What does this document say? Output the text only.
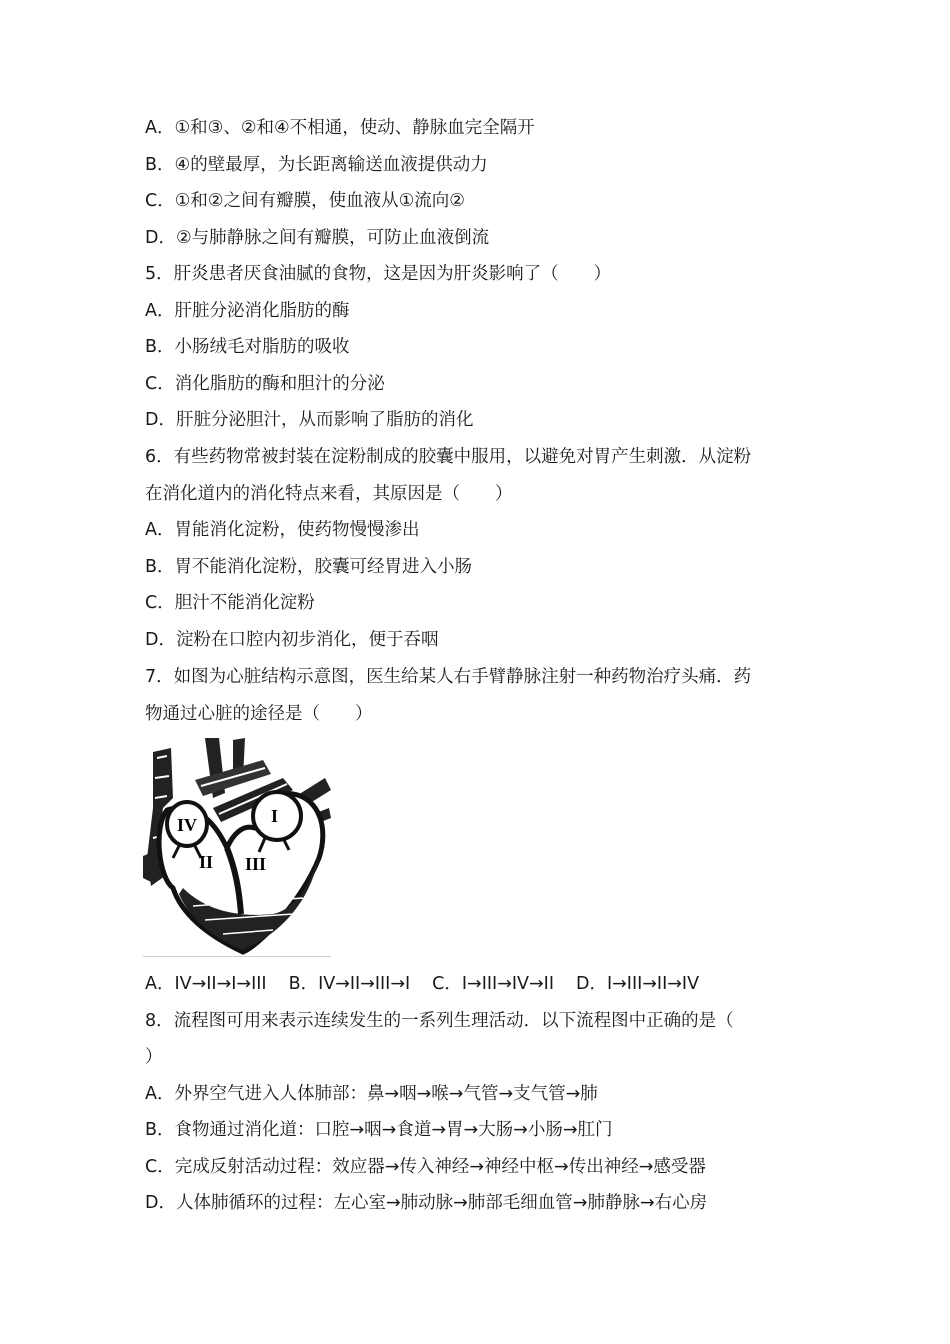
A．①和③、②和④不相通，使动、静脉血完全隔开
B．④的壁最厚，为长距离输送血液提供动力
C．①和②之间有瓣膜，使血液从①流向②
D．②与肺静脉之间有瓣膜，可防止血液倒流
5．肝炎患者厌食油腻的食物，这是因为肝炎影响了（　　）
A．肝脏分泌消化脂肪的酶
B．小肠绒毛对脂肪的吸收
C．消化脂肪的酶和胆汁的分泌
D．肝脏分泌胆汁，从而影响了脂肪的消化
6．有些药物常被封装在淀粉制成的胶囊中服用，以避免对胃产生刺激．从淀粉
在消化道内的消化特点来看，其原因是（　　）
A．胃能消化淀粉，使药物慢慢渗出
B．胃不能消化淀粉，胶囊可经胃进入小肠
C．胆汁不能消化淀粉
D．淀粉在口腔内初步消化，便于吞咽
7．如图为心脏结构示意图，医生给某人右手臂静脉注射一种药物治疗头痛．药
物通过心脏的途径是（　　）
IV	I
II III
A．IV→II→I→III B．IV→II→III→I C．I→III→IV→II D．I→III→II→IV
8．流程图可用来表示连续发生的一系列生理活动．以下流程图中正确的是（
）
A．外界空气进入人体肺部：鼻→咽→喉→气管→支气管→肺
B．食物通过消化道：口腔→咽→食道→胃→大肠→小肠→肛门
C．完成反射活动过程：效应器→传入神经→神经中枢→传出神经→感受器
D．人体肺循环的过程：左心室→肺动脉→肺部毛细血管→肺静脉→右心房
